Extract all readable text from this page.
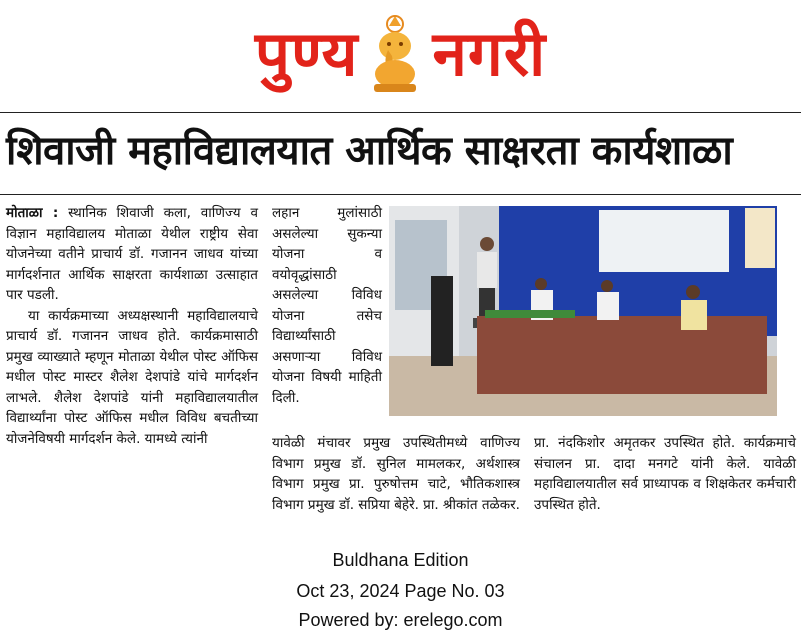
पुण्य नगरी
शिवाजी महाविद्यालयात आर्थिक साक्षरता कार्यशाळा

मोताळा : स्थानिक शिवाजी कला, वाणिज्य व विज्ञान महाविद्यालय मोताळा येथील राष्ट्रीय सेवा योजनेच्या वतीने प्राचार्य डॉ. गजानन जाधव यांच्या मार्गदर्शनात आर्थिक साक्षरता कार्यशाळा उत्साहात पार पडली.

या कार्यक्रमाच्या अध्यक्षस्थानी महाविद्यालयाचे प्राचार्य डॉ. गजानन जाधव होते. कार्यक्रमासाठी प्रमुख व्याख्याते म्हणून मोताळा येथील पोस्ट ऑफिस मधील पोस्ट मास्टर शैलेश देशपांडे यांचे मार्गदर्शन लाभले. शैलेश देशपांडे यांनी महाविद्यालयातील विद्यार्थ्यांना पोस्ट ऑफिस मधील विविध बचतीच्या योजनेविषयी मार्गदर्शन केले. यामध्ये त्यांनी

लहान मुलांसाठी असलेल्या सुकन्या योजना व वयोवृद्धांसाठी असलेल्या विविध योजना तसेच विद्यार्थ्यांसाठी असणाऱ्या विविध योजना विषयी माहिती दिली.

यावेळी मंचावर प्रमुख उपस्थितीमध्ये वाणिज्य विभाग प्रमुख डॉ. सुनिल मामलकर, अर्थशास्त्र विभाग प्रमुख प्रा. पुरुषोत्तम चाटे, भौतिकशास्त्र विभाग प्रमुख डॉ. सप्रिया बेहेरे. प्रा. श्रीकांत तळेकर.

प्रा. नंदकिशोर अमृतकर उपस्थित होते. कार्यक्रमाचे संचालन प्रा. दादा मनगटे यांनी केले. यावेळी महाविद्यालयातील सर्व प्राध्यापक व शिक्षकेतर कर्मचारी उपस्थित होते.

Buldhana Edition
Oct 23, 2024 Page No. 03
Powered by: erelego.com
